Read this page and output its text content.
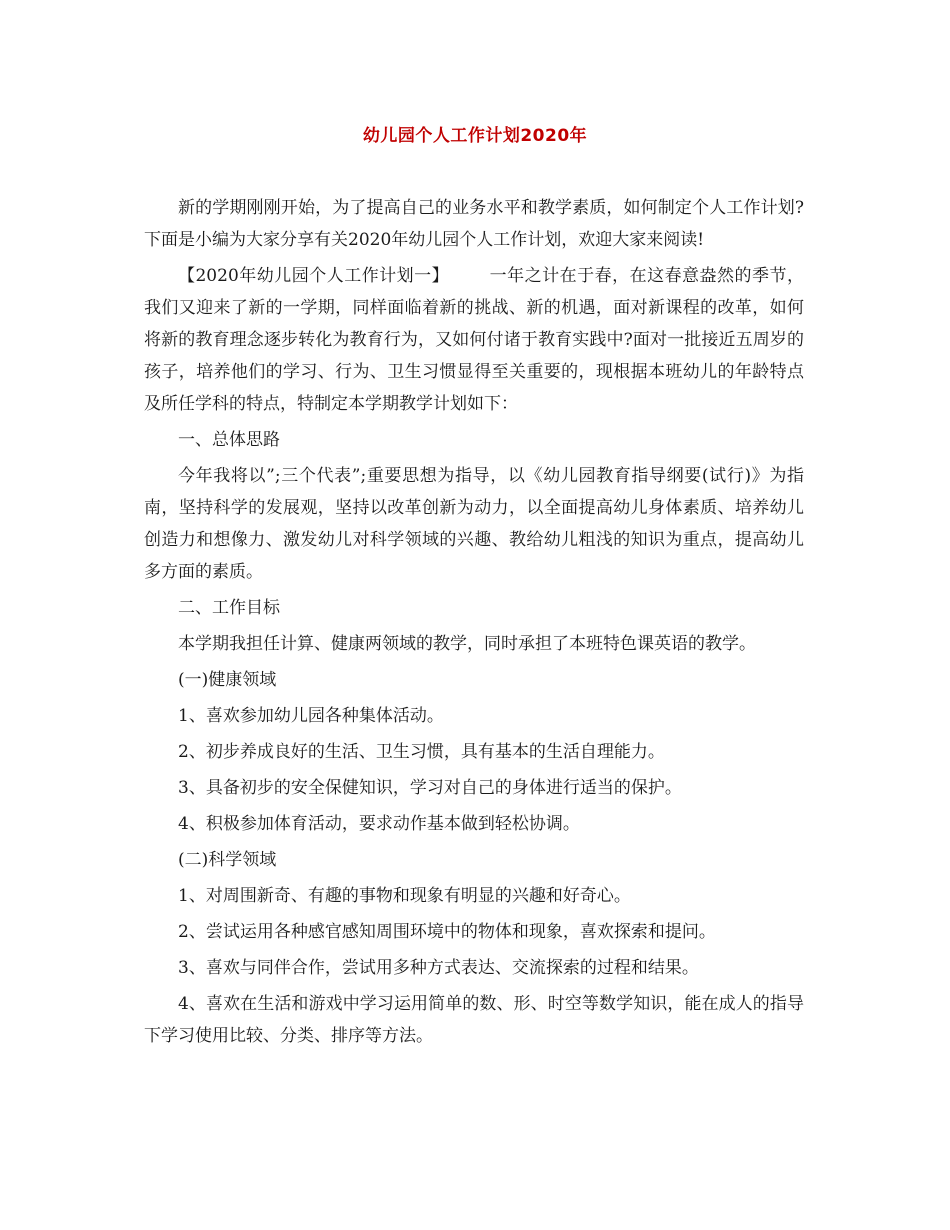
幼儿园个人工作计划2020年

新的学期刚刚开始，为了提高自己的业务水平和教学素质，如何制定个人工作计划?下面是小编为大家分享有关2020年幼儿园个人工作计划，欢迎大家来阅读!

【2020年幼儿园个人工作计划一】 一年之计在于春，在这春意盎然的季节，我们又迎来了新的一学期，同样面临着新的挑战、新的机遇，面对新课程的改革，如何将新的教育理念逐步转化为教育行为，又如何付诸于教育实践中?面对一批接近五周岁的孩子，培养他们的学习、行为、卫生习惯显得至关重要的，现根据本班幼儿的年龄特点及所任学科的特点，特制定本学期教学计划如下：

一、总体思路

今年我将以”;三个代表”;重要思想为指导，以《幼儿园教育指导纲要(试行)》为指南，坚持科学的发展观，坚持以改革创新为动力，以全面提高幼儿身体素质、培养幼儿创造力和想像力、激发幼儿对科学领域的兴趣、教给幼儿粗浅的知识为重点，提高幼儿多方面的素质。

二、工作目标

本学期我担任计算、健康两领域的教学，同时承担了本班特色课英语的教学。

(一)健康领域

1、喜欢参加幼儿园各种集体活动。

2、初步养成良好的生活、卫生习惯，具有基本的生活自理能力。

3、具备初步的安全保健知识，学习对自己的身体进行适当的保护。

4、积极参加体育活动，要求动作基本做到轻松协调。

(二)科学领域

1、对周围新奇、有趣的事物和现象有明显的兴趣和好奇心。

2、尝试运用各种感官感知周围环境中的物体和现象，喜欢探索和提问。

3、喜欢与同伴合作，尝试用多种方式表达、交流探索的过程和结果。

4、喜欢在生活和游戏中学习运用简单的数、形、时空等数学知识，能在成人的指导下学习使用比较、分类、排序等方法。
